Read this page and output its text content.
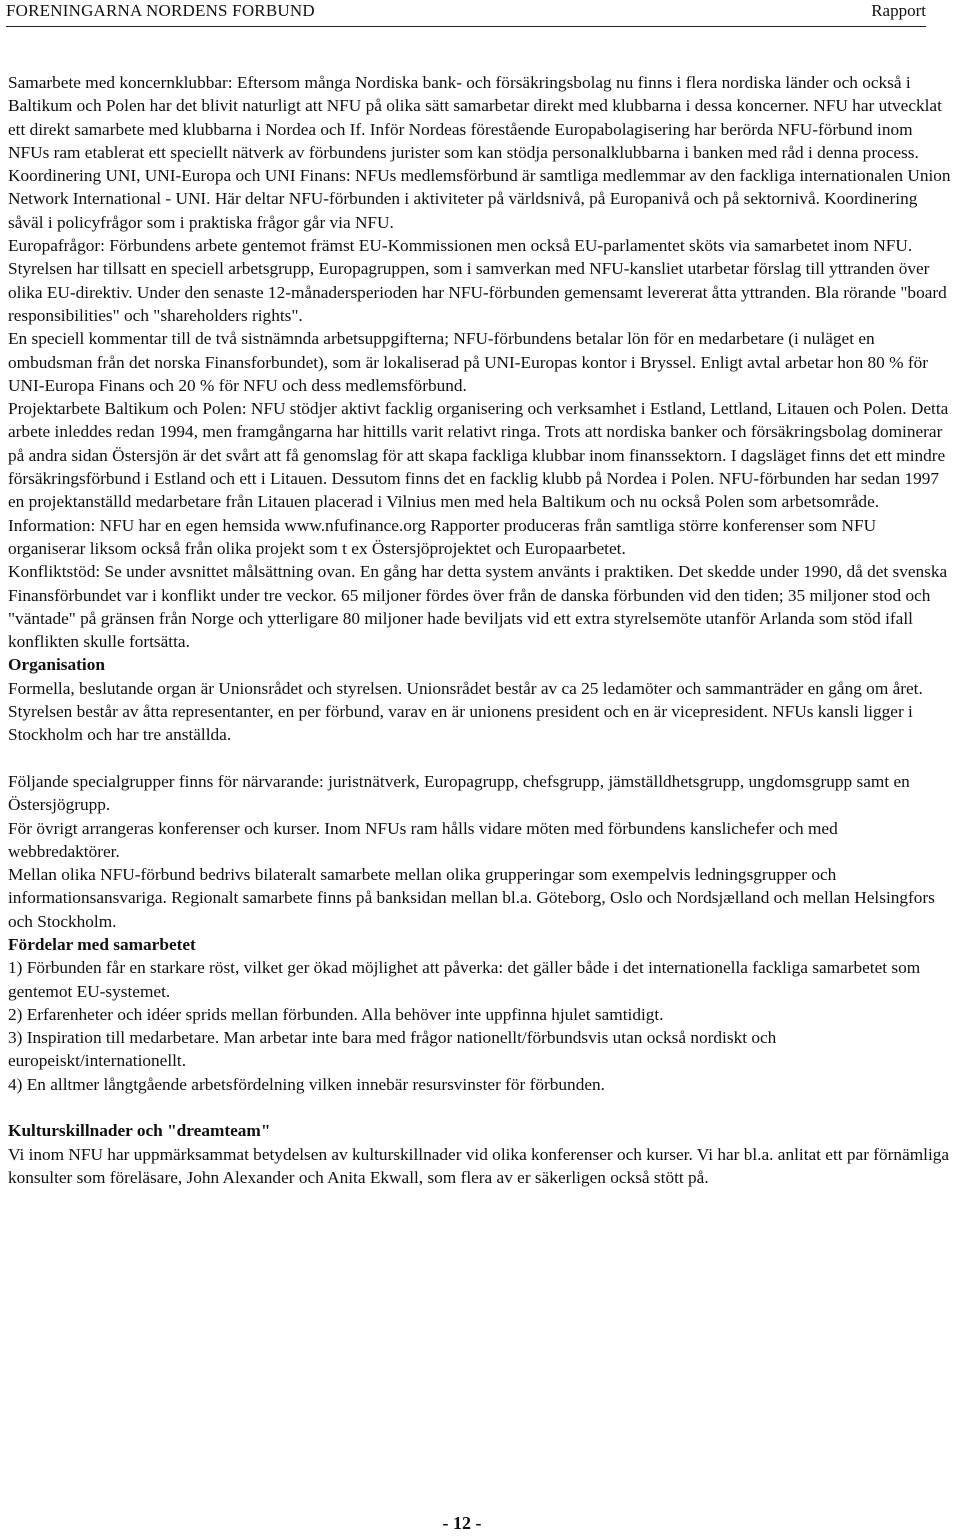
FORENINGARNA NORDENS FORBUND	Rapport

Samarbete med koncernklubbar: Eftersom många Nordiska bank- och försäkringsbolag nu finns i flera nordiska länder och också i Baltikum och Polen har det blivit naturligt att NFU på olika sätt samarbetar direkt med klubbarna i dessa koncerner. NFU har utvecklat ett direkt samarbete med klubbarna i Nordea och If. Inför Nordeas förestående Europabolagisering har berörda NFU-förbund inom NFUs ram etablerat ett speciellt nätverk av förbundens jurister som kan stödja personalklubbarna i banken med råd i denna process.

Koordinering UNI, UNI-Europa och UNI Finans: NFUs medlemsförbund är samtliga medlemmar av den fackliga internationalen Union Network International - UNI. Här deltar NFU-förbunden i aktiviteter på världsnivå, på Europanivå och på sektornivå. Koordinering såväl i policyfrågor som i praktiska frågor går via NFU.

Europafrågor: Förbundens arbete gentemot främst EU-Kommissionen men också EU-parlamentet sköts via samarbetet inom NFU. Styrelsen har tillsatt en speciell arbetsgrupp, Europagruppen, som i samverkan med NFU-kansliet utarbetar förslag till yttranden över olika EU-direktiv. Under den senaste 12-månadersperioden har NFU-förbunden gemensamt levererat åtta yttranden. Bla rörande "board responsibilities" och "shareholders rights".

En speciell kommentar till de två sistnämnda arbetsuppgifterna; NFU-förbundens betalar lön för en medarbetare (i nuläget en ombudsman från det norska Finansforbundet), som är lokaliserad på UNI-Europas kontor i Bryssel. Enligt avtal arbetar hon 80 % för UNI-Europa Finans och 20 % för NFU och dess medlemsförbund.

Projektarbete Baltikum och Polen: NFU stödjer aktivt facklig organisering och verksamhet i Estland, Lettland, Litauen och Polen. Detta arbete inleddes redan 1994, men framgångarna har hittills varit relativt ringa. Trots att nordiska banker och försäkringsbolag dominerar på andra sidan Östersjön är det svårt att få genomslag för att skapa fackliga klubbar inom finanssektorn. I dagsläget finns det ett mindre försäkringsförbund i Estland och ett i Litauen. Dessutom finns det en facklig klubb på Nordea i Polen. NFU-förbunden har sedan 1997 en projektanställd medarbetare från Litauen placerad i Vilnius men med hela Baltikum och nu också Polen som arbetsområde.

Information: NFU har en egen hemsida www.nfufinance.org Rapporter produceras från samtliga större konferenser som NFU organiserar liksom också från olika projekt som t ex Östersjöprojektet och Europaarbetet.

Konfliktstöd: Se under avsnittet målsättning ovan. En gång har detta system använts i praktiken. Det skedde under 1990, då det svenska Finansförbundet var i konflikt under tre veckor. 65 miljoner fördes över från de danska förbunden vid den tiden; 35 miljoner stod och "väntade" på gränsen från Norge och ytterligare 80 miljoner hade beviljats vid ett extra styrelsemöte utanför Arlanda som stöd ifall konflikten skulle fortsätta.

Organisation

Formella, beslutande organ är Unionsrådet och styrelsen. Unionsrådet består av ca 25 ledamöter och sammanträder en gång om året. Styrelsen består av åtta representanter, en per förbund, varav en är unionens president och en är vicepresident. NFUs kansli ligger i Stockholm och har tre anställda.

Följande specialgrupper finns för närvarande: juristnätverk, Europagrupp, chefsgrupp, jämställdhetsgrupp, ungdomsgrupp samt en Östersjögrupp.

För övrigt arrangeras konferenser och kurser. Inom NFUs ram hålls vidare möten med förbundens kanslichefer och med webbredaktörer.

Mellan olika NFU-förbund bedrivs bilateralt samarbete mellan olika grupperingar som exempelvis ledningsgrupper och informationsansvariga. Regionalt samarbete finns på banksidan mellan bl.a. Göteborg, Oslo och Nordsjælland och mellan Helsingfors och Stockholm.

Fördelar med samarbetet

1) Förbunden får en starkare röst, vilket ger ökad möjlighet att påverka: det gäller både i det internationella fackliga samarbetet som gentemot EU-systemet.

2) Erfarenheter och idéer sprids mellan förbunden. Alla behöver inte uppfinna hjulet samtidigt.

3) Inspiration till medarbetare. Man arbetar inte bara med frågor nationellt/förbundsvis utan också nordiskt och europeiskt/internationellt.

4) En alltmer långtgående arbetsfördelning vilken innebär resursvinster för förbunden.

Kulturskillnader och "dreamteam"

Vi inom NFU har uppmärksammat betydelsen av kulturskillnader vid olika konferenser och kurser. Vi har bl.a. anlitat ett par förnämliga konsulter som föreläsare, John Alexander och Anita Ekwall, som flera av er säkerligen också stött på.

- 12 -
